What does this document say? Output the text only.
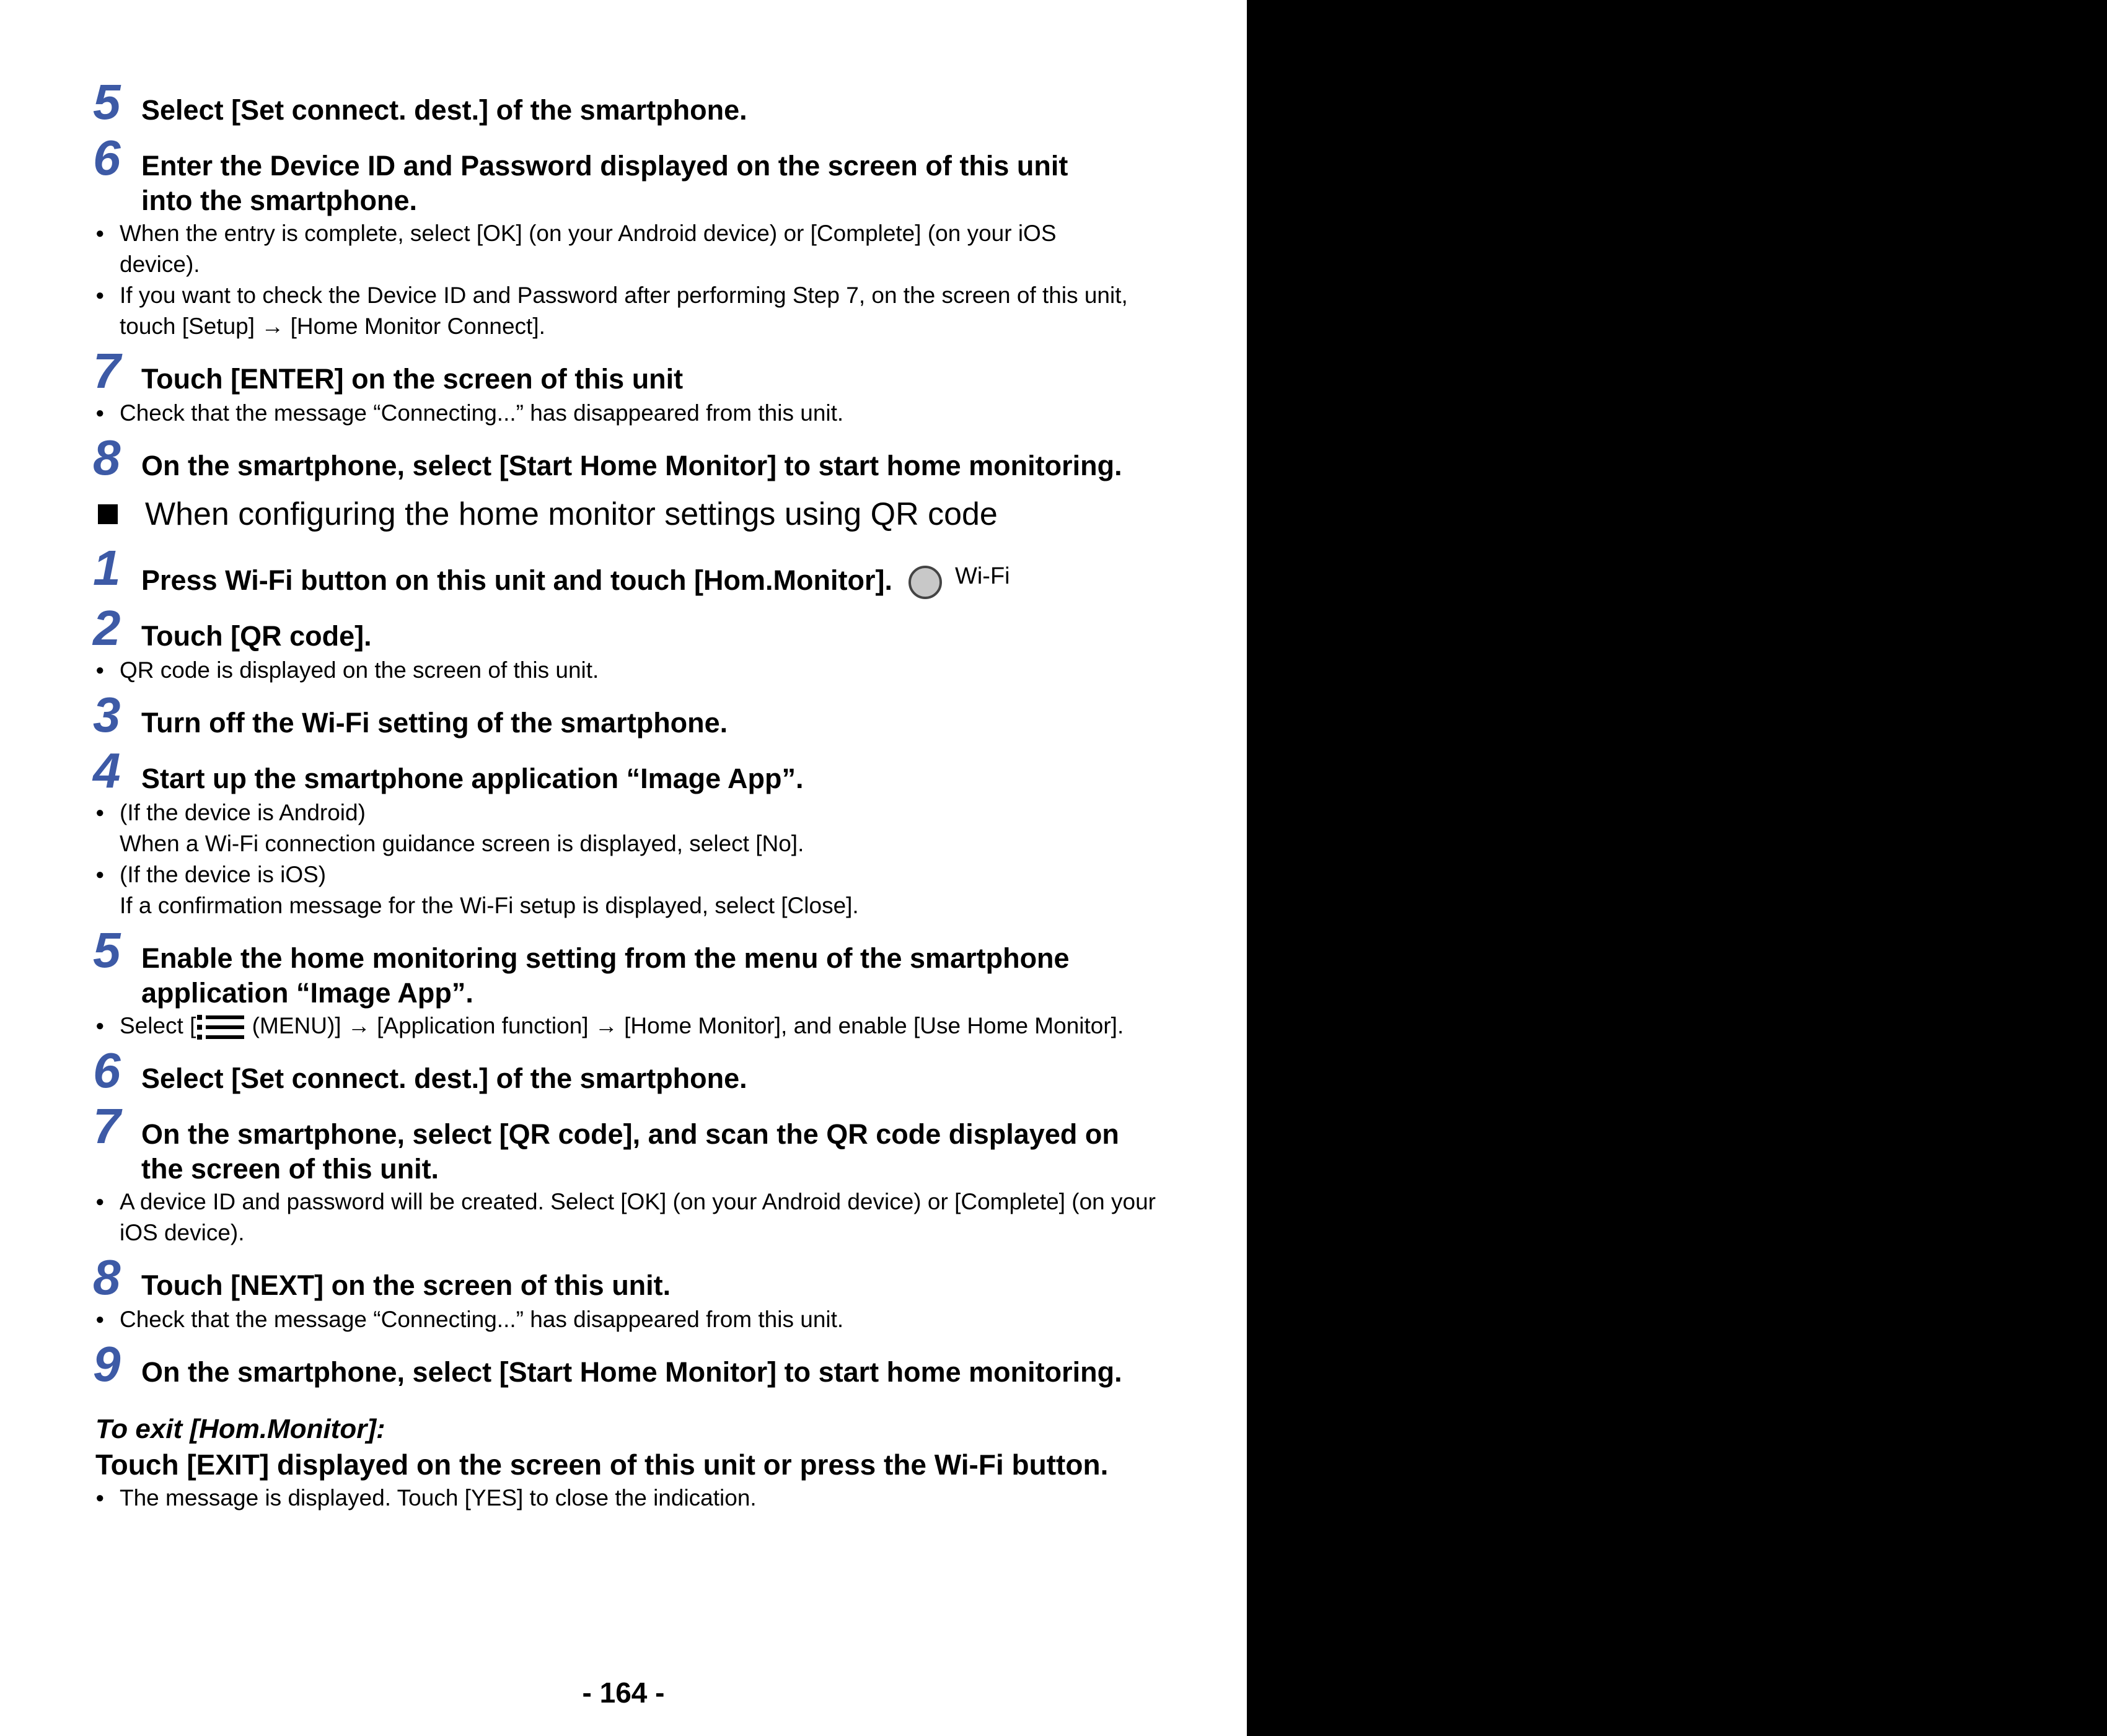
5 Select [Set connect. dest.] of the smartphone.
6 Enter the Device ID and Password displayed on the screen of this unit into the smartphone.
● When the entry is complete, select [OK] (on your Android device) or [Complete] (on your iOS device).
● If you want to check the Device ID and Password after performing Step 7, on the screen of this unit, touch [Setup] → [Home Monitor Connect].
7 Touch [ENTER] on the screen of this unit
● Check that the message “Connecting...” has disappeared from this unit.
8 On the smartphone, select [Start Home Monitor] to start home monitoring.
When configuring the home monitor settings using QR code
1 Press Wi-Fi button on this unit and touch [Hom.Monitor].	$^{Wi-Fi}$
2 Touch [QR code].
● QR code is displayed on the screen of this unit.
3 Turn off the Wi-Fi setting of the smartphone.
4 Start up the smartphone application “Image App”.
● (If the device is Android)
When a Wi-Fi connection guidance screen is displayed, select [No].
● (If the device is iOS)
If a confirmation message for the Wi-Fi setup is displayed, select [Close].
5 Enable the home monitoring setting from the menu of the smartphone application “Image App”.
● Select [ (MENU)] → [Application function] → [Home Monitor], and enable [Use Home Monitor].
6 Select [Set connect. dest.] of the smartphone.
7 On the smartphone, select [QR code], and scan the QR code displayed on the screen of this unit.
● A device ID and password will be created. Select [OK] (on your Android device) or [Complete] (on your iOS device).
8 Touch [NEXT] on the screen of this unit.
● Check that the message “Connecting...” has disappeared from this unit.
9 On the smartphone, select [Start Home Monitor] to start home monitoring.
To exit [Hom.Monitor]:
Touch [EXIT] displayed on the screen of this unit or press the Wi-Fi button.
● The message is displayed. Touch [YES] to close the indication.
- 164 -
